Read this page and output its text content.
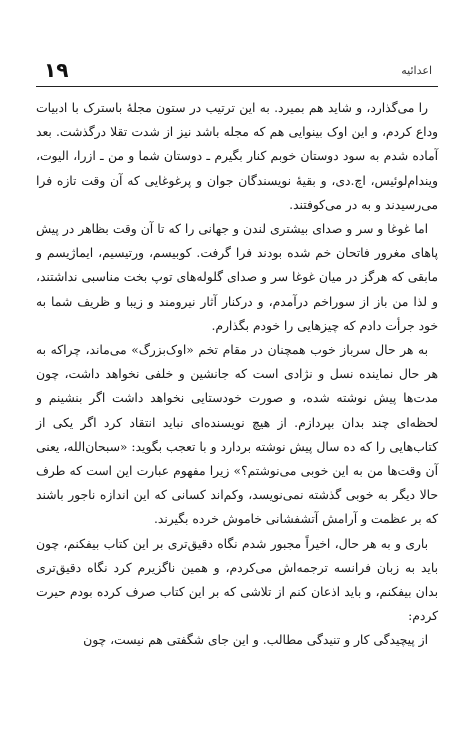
اعدائيه
۱۹

را می‌گذارد، و شاید هم بمیرد. به این ترتیب در ستون مجلهٔ باسترک با ادبیات وداع کردم، و این اوک بینوایی هم که مجله باشد نیز از شدت تقلا درگذشت. بعد آماده شدم به سود دوستان خوبم کنار بگیرم ـ دوستان شما و من ـ ازرا، الیوت، ویندام‌لوئیس، اچ.دی، و بقیهٔ نویسندگان جوان و پرغوغایی که آن وقت تازه فرا می‌رسیدند و به در می‌کوفتند.

اما غوغا و سر و صدای بیشتری لندن و جهانی را که تا آن وقت بظاهر در پیش پاهای مغرور فاتحان خم شده بودند فرا گرفت. کوبیسم، ورتیسیم، ایماژیسم و مابقی که هرگز در میان غوغا سر و صدای گلوله‌های توپ بخت مناسبی نداشتند، و لذا من باز از سوراخم درآمدم، و درکنار آثار نیرومند و زیبا و ظریف شما به خود جرأت دادم که چیزهایی را خودم بگذارم.

به هر حال سرباز خوب همچنان در مقام تخم «اوک‌بزرگ» می‌ماند، چراکه به هر حال نماینده نسل و نژادی است که جانشین و خلفی نخواهد داشت، چون مدت‌ها پیش نوشته شده، و صورت خودستایی نخواهد داشت اگر بنشینم و لحظه‌ای چند بدان بپردازم. از هیچ نویسنده‌ای نباید انتقاد کرد اگر یکی از کتاب‌هایی را که ده سال پیش نوشته بردارد و با تعجب بگوید: «سبحان‌الله، یعنی آن وقت‌ها من به این خوبی می‌نوشتم؟» زیرا مفهوم عبارت این است که طرف حالا دیگر به خوبی گذشته نمی‌نویسد، وکم‌اند کسانی که این اندازه ناجور باشند که بر عظمت و آرامش آتشفشانی خاموش خرده بگیرند.

باری و به هر حال، اخیراً مجبور شدم نگاه دقیق‌تری بر این کتاب بیفکنم، چون باید به زبان فرانسه ترجمه‌اش می‌کردم، و همین ناگزیرم کرد نگاه دقیق‌تری بدان بیفکنم، و باید اذعان کنم از تلاشی که بر این کتاب صرف کرده بودم حیرت کردم:

از پیچیدگی کار و تنیدگی مطالب. و این جای شگفتی هم نیست، چون
